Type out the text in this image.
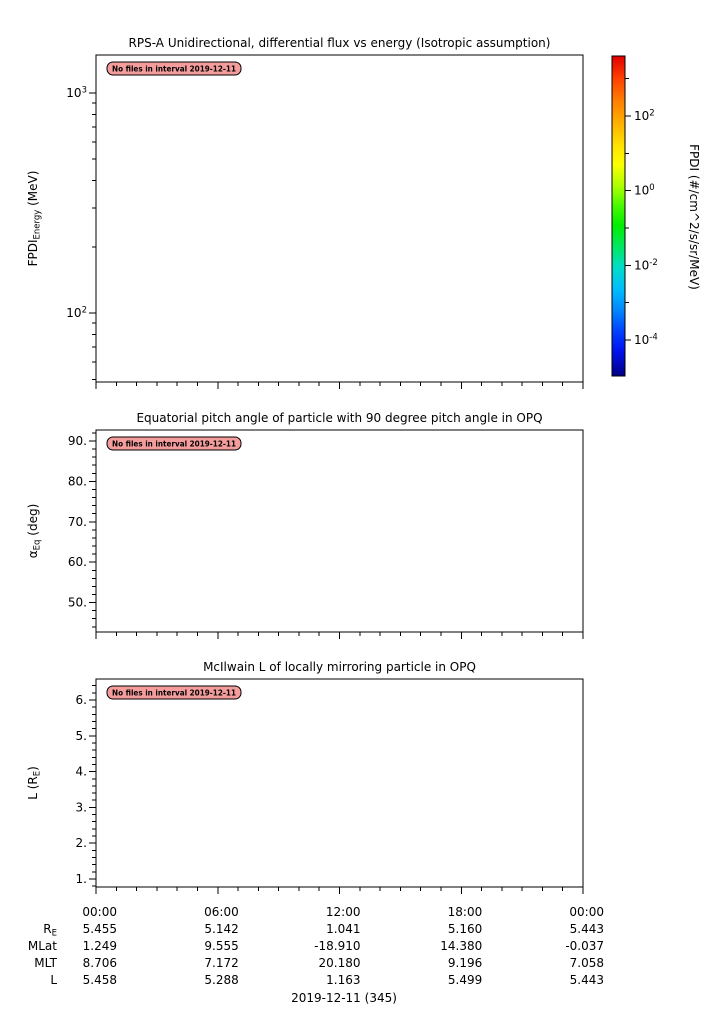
RPS-A Unidirectional, differential flux vs energy (Isotropic assumption)
$10^3$
$10^2$
$FPDI_{Energy}$ (MeV)
No files in interval 2019-12-11
Equatorial pitch angle of particle with 90 degree pitch angle in OPQ
90.
80.
70.
60.
50.
$\alpha_{Eq}$ (deg)
No files in interval 2019-12-11
McIlwain L of locally mirroring particle in OPQ
6.
5.
4.
3.
2.
1.
L $(R_E)$
No files in interval 2019-12-11
$10^2$
$10^0$
$10^{-2}$
$10^{-4}$
FPDI (#/cm^2/s/sr/MeV)
00:00	06:00	12:00	18:00	00:00
$R_E$ 5.455	5.142	1.041	5.160	5.443
MLat 1.249	9.555	-18.910	14.380	-0.037
MLT 8.706	7.172	20.180	9.196	7.058
L 5.458	5.288	1.163	5.499	5.443
2019-12-11 (345)
